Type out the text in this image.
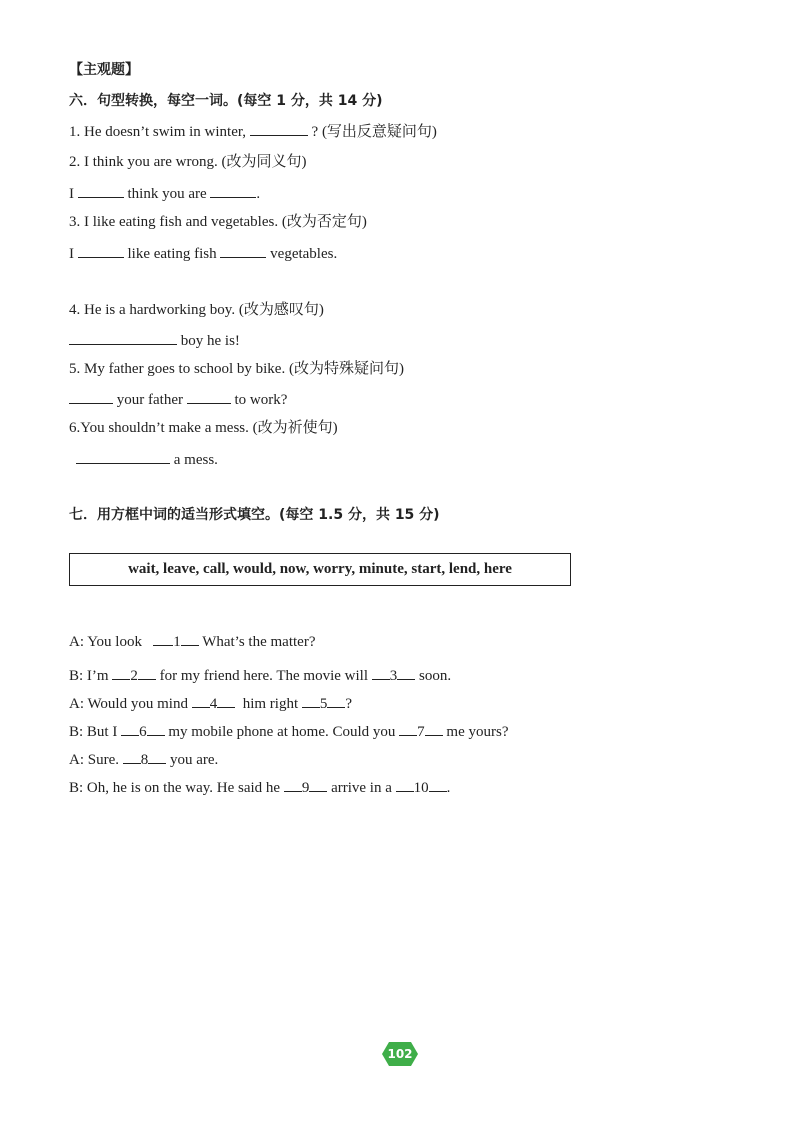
【主观题】
六．句型转换，每空一词。(每空 1 分，共 14 分)
1. He doesn’t swim in winter,	? (写出反意疑问句)
2. I think you are wrong. (改为同义句)
I	think you are	.
3. I like eating fish and vegetables. (改为否定句)
I	like eating fish	vegetables.
4. He is a hardworking boy. (改为感叹句)
boy he is!
5. My father goes to school by bike. (改为特殊疑问句)
your father	to work?
6.You shouldn’t make a mess. (改为祈使句)
a mess.
七．用方框中词的适当形式填空。(每空 1.5 分，共 15 分)
wait, leave, call, would, now, worry, minute, start, lend, here
A: You look 1 What’s the matter?
B: I’m 2 for my friend here. The movie will 3 soon.
A: Would you mind 4 him right 5 ?
B: But I 6 my mobile phone at home. Could you 7 me yours?
A: Sure. 8 you are.
B: Oh, he is on the way. He said he 9 arrive in a 10 .
102
